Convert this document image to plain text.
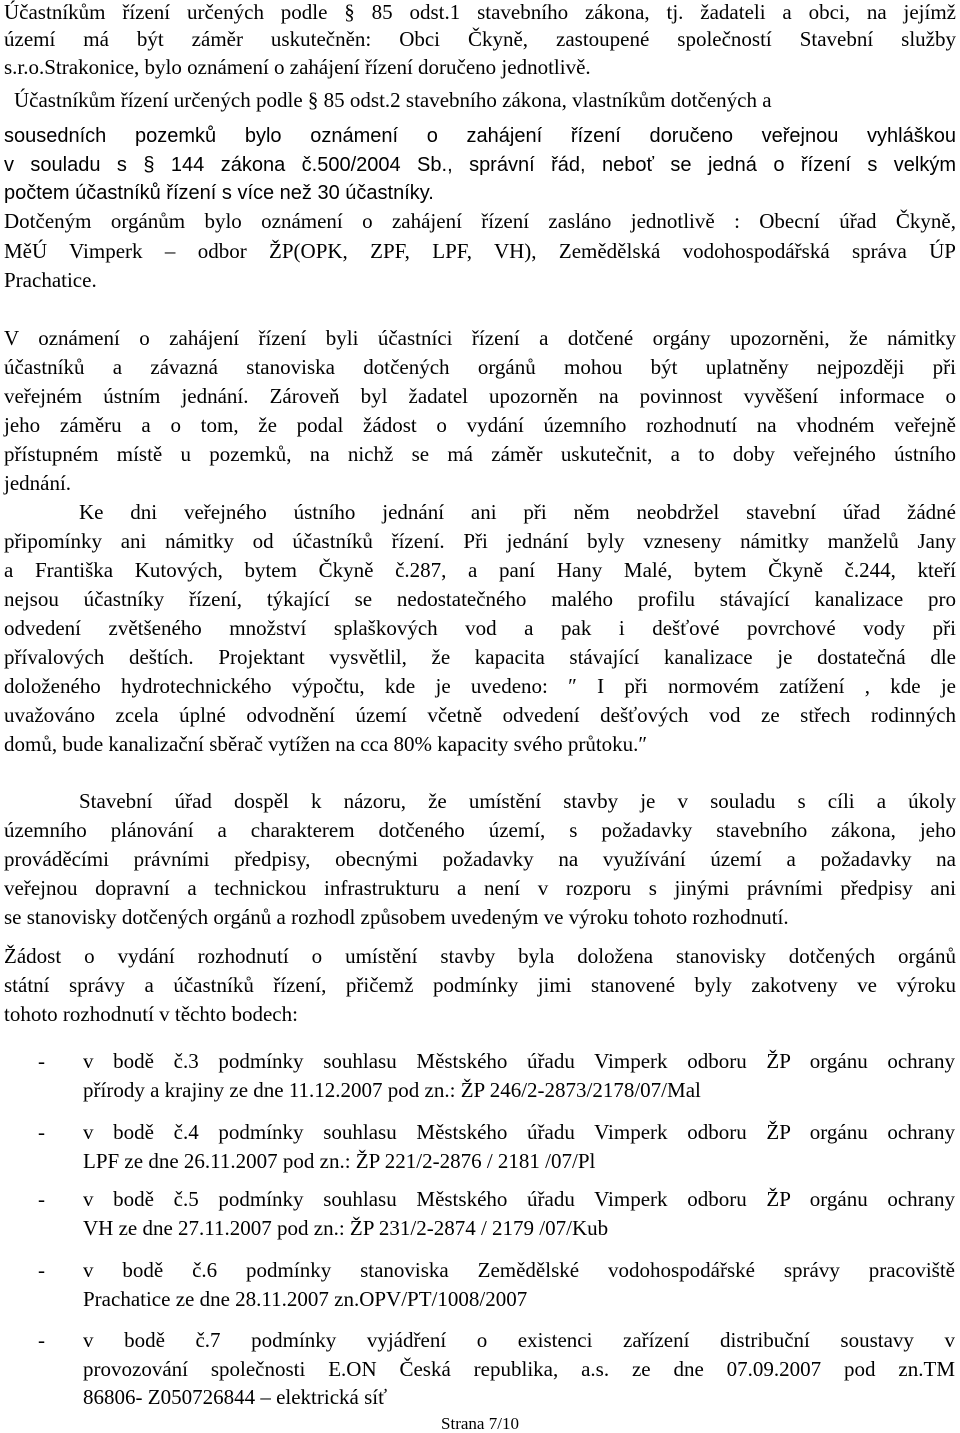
Účastníkům řízení určených podle § 85 odst.1 stavebního zákona, tj. žadateli a obci, na jejímž
území má být záměr uskutečněn: Obci Čkyně, zastoupené společností Stavební služby
s.r.o.Strakonice, bylo oznámení o zahájení řízení doručeno jednotlivě.
Účastníkům řízení určených podle § 85 odst.2 stavebního zákona, vlastníkům dotčených a
sousedních pozemků bylo oznámení o zahájení řízení doručeno veřejnou vyhláškou
v souladu s § 144 zákona č.500/2004 Sb., správní řád, neboť se jedná o řízení s velkým
počtem účastníků řízení s více než 30 účastníky.
Dotčeným orgánům bylo oznámení o zahájení řízení zasláno jednotlivě : Obecní úřad Čkyně,
MěÚ Vimperk – odbor ŽP(OPK, ZPF, LPF, VH), Zemědělská vodohospodářská správa ÚP
Prachatice.
V oznámení o zahájení řízení byli účastníci řízení a dotčené orgány upozorněni, že námitky
účastníků a závazná stanoviska dotčených orgánů mohou být uplatněny nejpozději při
veřejném ústním jednání. Zároveň byl žadatel upozorněn na povinnost vyvěšení informace o
jeho záměru a o tom, že podal žádost o vydání územního rozhodnutí na vhodném veřejně
přístupném místě u pozemků, na nichž se má záměr uskutečnit, a to doby veřejného ústního
jednání.
Ke dni veřejného ústního jednání ani při něm neobdržel stavební úřad žádné
připomínky ani námitky od účastníků řízení. Při jednání byly vzneseny námitky manželů Jany
a Františka Kutových, bytem Čkyně č.287, a paní Hany Malé, bytem Čkyně č.244, kteří
nejsou účastníky řízení, týkající se nedostatečného malého profilu stávající kanalizace pro
odvedení zvětšeného množství splaškových vod a pak i dešťové povrchové vody při
přívalových deštích. Projektant vysvětlil, že kapacita stávající kanalizace je dostatečná dle
doloženého hydrotechnického výpočtu, kde je uvedeno: ″ I při normovém zatížení , kde je
uvažováno zcela úplné odvodnění území včetně odvedení dešťových vod ze střech rodinných
domů, bude kanalizační sběrač vytížen na cca 80% kapacity svého průtoku.″
Stavební úřad dospěl k názoru, že umístění stavby je v souladu s cíli a úkoly
územního plánování a charakterem dotčeného území, s požadavky stavebního zákona, jeho
prováděcími právními předpisy, obecnými požadavky na využívání území a požadavky na
veřejnou dopravní a technickou infrastrukturu a není v rozporu s jinými právními předpisy ani
se stanovisky dotčených orgánů a rozhodl způsobem uvedeným ve výroku tohoto rozhodnutí.
Žádost o vydání rozhodnutí o umístění stavby byla doložena stanovisky dotčených orgánů
státní správy a účastníků řízení, přičemž podmínky jimi stanovené byly zakotveny ve výroku
tohoto rozhodnutí v těchto bodech:
- v bodě č.3 podmínky souhlasu Městského úřadu Vimperk odboru ŽP orgánu ochrany
přírody a krajiny ze dne 11.12.2007 pod zn.: ŽP 246/2-2873/2178/07/Mal
- v bodě č.4 podmínky souhlasu Městského úřadu Vimperk odboru ŽP orgánu ochrany
LPF ze dne 26.11.2007 pod zn.: ŽP 221/2-2876 / 2181 /07/Pl
- v bodě č.5 podmínky souhlasu Městského úřadu Vimperk odboru ŽP orgánu ochrany
VH ze dne 27.11.2007 pod zn.: ŽP 231/2-2874 / 2179 /07/Kub
- v bodě č.6 podmínky stanoviska Zemědělské vodohospodářské správy pracoviště
Prachatice ze dne 28.11.2007 zn.OPV/PT/1008/2007
- v bodě č.7 podmínky vyjádření o existenci zařízení distribuční soustavy v
provozování společnosti E.ON Česká republika, a.s. ze dne 07.09.2007 pod zn.TM
86806- Z050726844 – elektrická síť
Strana 7/10
